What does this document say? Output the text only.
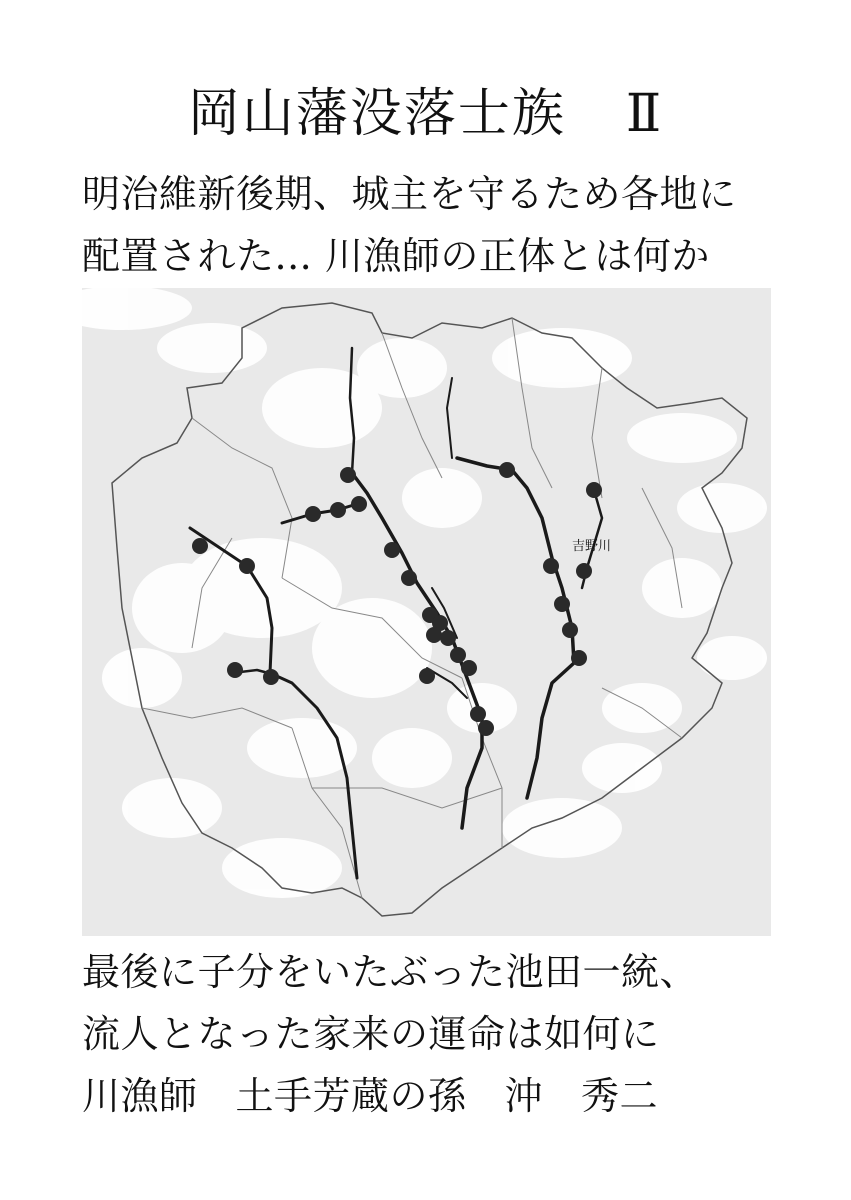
岡山藩没落士族 Ⅱ
明治維新後期、城主を守るため各地に
配置された... 川漁師の正体とは何か
吉野川
最後に子分をいたぶった池田一統、
流人となった家来の運命は如何に
川漁師 土手芳蔵の孫 沖 秀二
